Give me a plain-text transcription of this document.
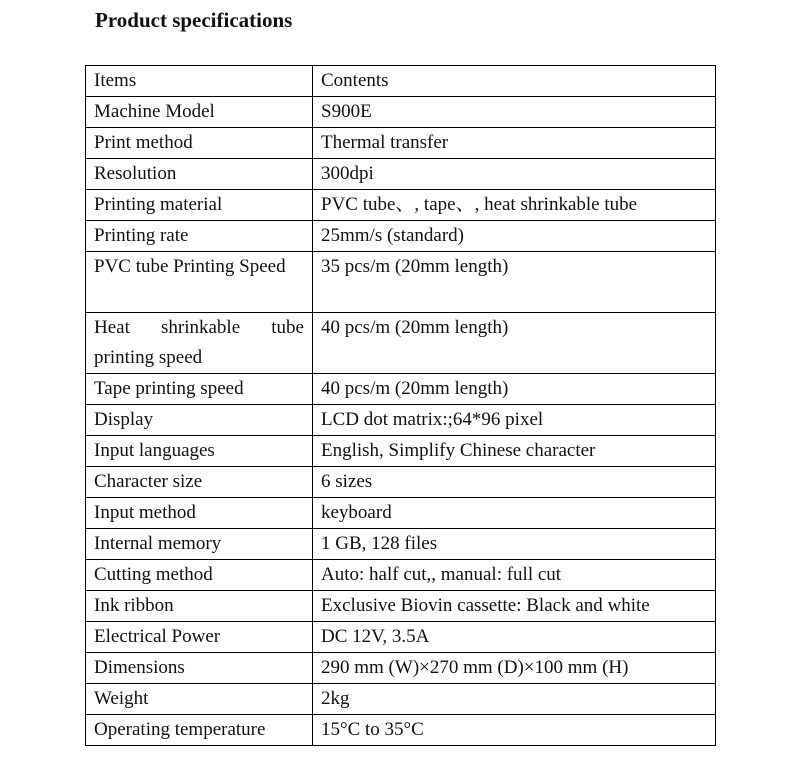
Product specifications
Items	Contents
Machine Model	S900E
Print method	Thermal transfer
Resolution	300dpi
Printing material	PVC tube、, tape、, heat shrinkable tube
Printing rate	25mm/s (standard)
PVC tube Printing Speed	35 pcs/m (20mm length)
Heat shrinkable tube printing speed	40 pcs/m (20mm length)
Tape printing speed	40 pcs/m (20mm length)
Display	LCD dot matrix:;64*96 pixel
Input languages	English, Simplify Chinese character
Character size	6 sizes
Input method	keyboard
Internal memory	1 GB, 128 files
Cutting method	Auto: half cut,, manual: full cut
Ink ribbon	Exclusive Biovin cassette: Black and white
Electrical Power	DC 12V, 3.5A
Dimensions	290 mm (W)×270 mm (D)×100 mm (H)
Weight	2kg
Operating temperature	15°C to 35°C
